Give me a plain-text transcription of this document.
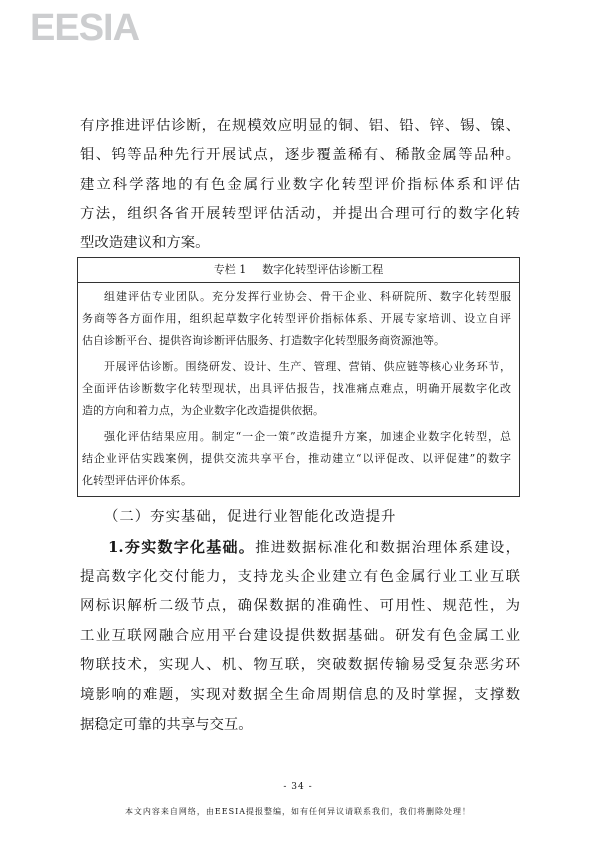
EESIA
有序推进评估诊断，在规模效应明显的铜、铝、铅、锌、锡、镍、
钼、钨等品种先行开展试点，逐步覆盖稀有、稀散金属等品种。
建立科学落地的有色金属行业数字化转型评价指标体系和评估
方法，组织各省开展转型评估活动，并提出合理可行的数字化转
型改造建议和方案。
专栏 1 数字化转型评估诊断工程
组建评估专业团队。充分发挥行业协会、骨干企业、科研院所、数字化转型服
务商等各方面作用，组织起草数字化转型评价指标体系、开展专家培训、设立自评
估自诊断平台、提供咨询诊断评估服务、打造数字化转型服务商资源池等。
开展评估诊断。围绕研发、设计、生产、管理、营销、供应链等核心业务环节，
全面评估诊断数字化转型现状，出具评估报告，找准痛点难点，明确开展数字化改
造的方向和着力点，为企业数字化改造提供依据。
强化评估结果应用。制定“一企一策”改造提升方案，加速企业数字化转型，总
结企业评估实践案例，提供交流共享平台，推动建立“以评促改、以评促建”的数字
化转型评估评价体系。
（二）夯实基础，促进行业智能化改造提升
1.夯实数字化基础。推进数据标准化和数据治理体系建设，
提高数字化交付能力，支持龙头企业建立有色金属行业工业互联
网标识解析二级节点，确保数据的准确性、可用性、规范性，为
工业互联网融合应用平台建设提供数据基础。研发有色金属工业
物联技术，实现人、机、物互联，突破数据传输易受复杂恶劣环
境影响的难题，实现对数据全生命周期信息的及时掌握，支撑数
据稳定可靠的共享与交互。
- 34 -
本文内容来自网络，由EESIA提报整编，如有任何异议请联系我们，我们将删除处理！
